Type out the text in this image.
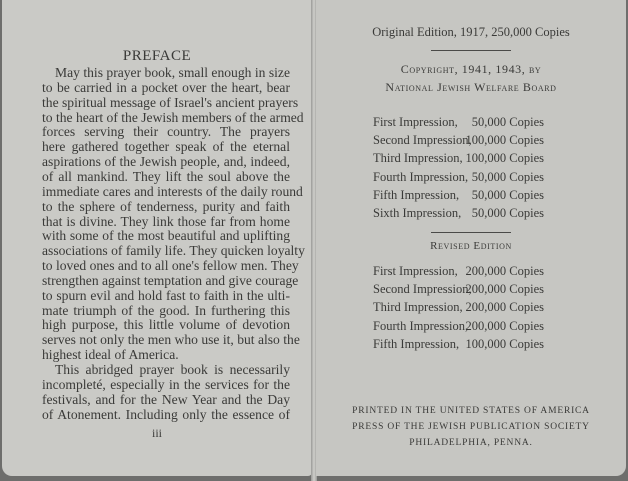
PREFACE
May this prayer book, small enough in size
to be carried in a pocket over the heart, bear
the spiritual message of Israel's ancient prayers
to the heart of the Jewish members of the armed
forces serving their country. The prayers
here gathered together speak of the eternal
aspirations of the Jewish people, and, indeed,
of all mankind. They lift the soul above the
immediate cares and interests of the daily round
to the sphere of tenderness, purity and faith
that is divine. They link those far from home
with some of the most beautiful and uplifting
associations of family life. They quicken loyalty
to loved ones and to all one's fellow men. They
strengthen against temptation and give courage
to spurn evil and hold fast to faith in the ulti-
mate triumph of the good. In furthering this
high purpose, this little volume of devotion
serves not only the men who use it, but also the
highest ideal of America.
This abridged prayer book is necessarily
incompleté, especially in the services for the
festivals, and for the New Year and the Day
of Atonement. Including only the essence of
iii
Original Edition, 1917, 250,000 Copies
Copyright, 1941, 1943, by
National Jewish Welfare Board
First Impression,	50,000 Copies
Second Impression,
100,000 Copies
Third Impression, 100,000 Copies
Fourth Impression, 50,000 Copies
Fifth Impression,	50,000 Copies
Sixth Impression, 50,000 Copies
Revised Edition
First Impression, 200,000 Copies
Second Impression,
200,000 Copies
Third Impression, 200,000 Copies
Fourth Impression,
200,000 Copies
Fifth Impression, 100,000 Copies
PRINTED IN THE UNITED STATES OF AMERICA
PRESS OF THE JEWISH PUBLICATION SOCIETY
PHILADELPHIA, PENNA.
